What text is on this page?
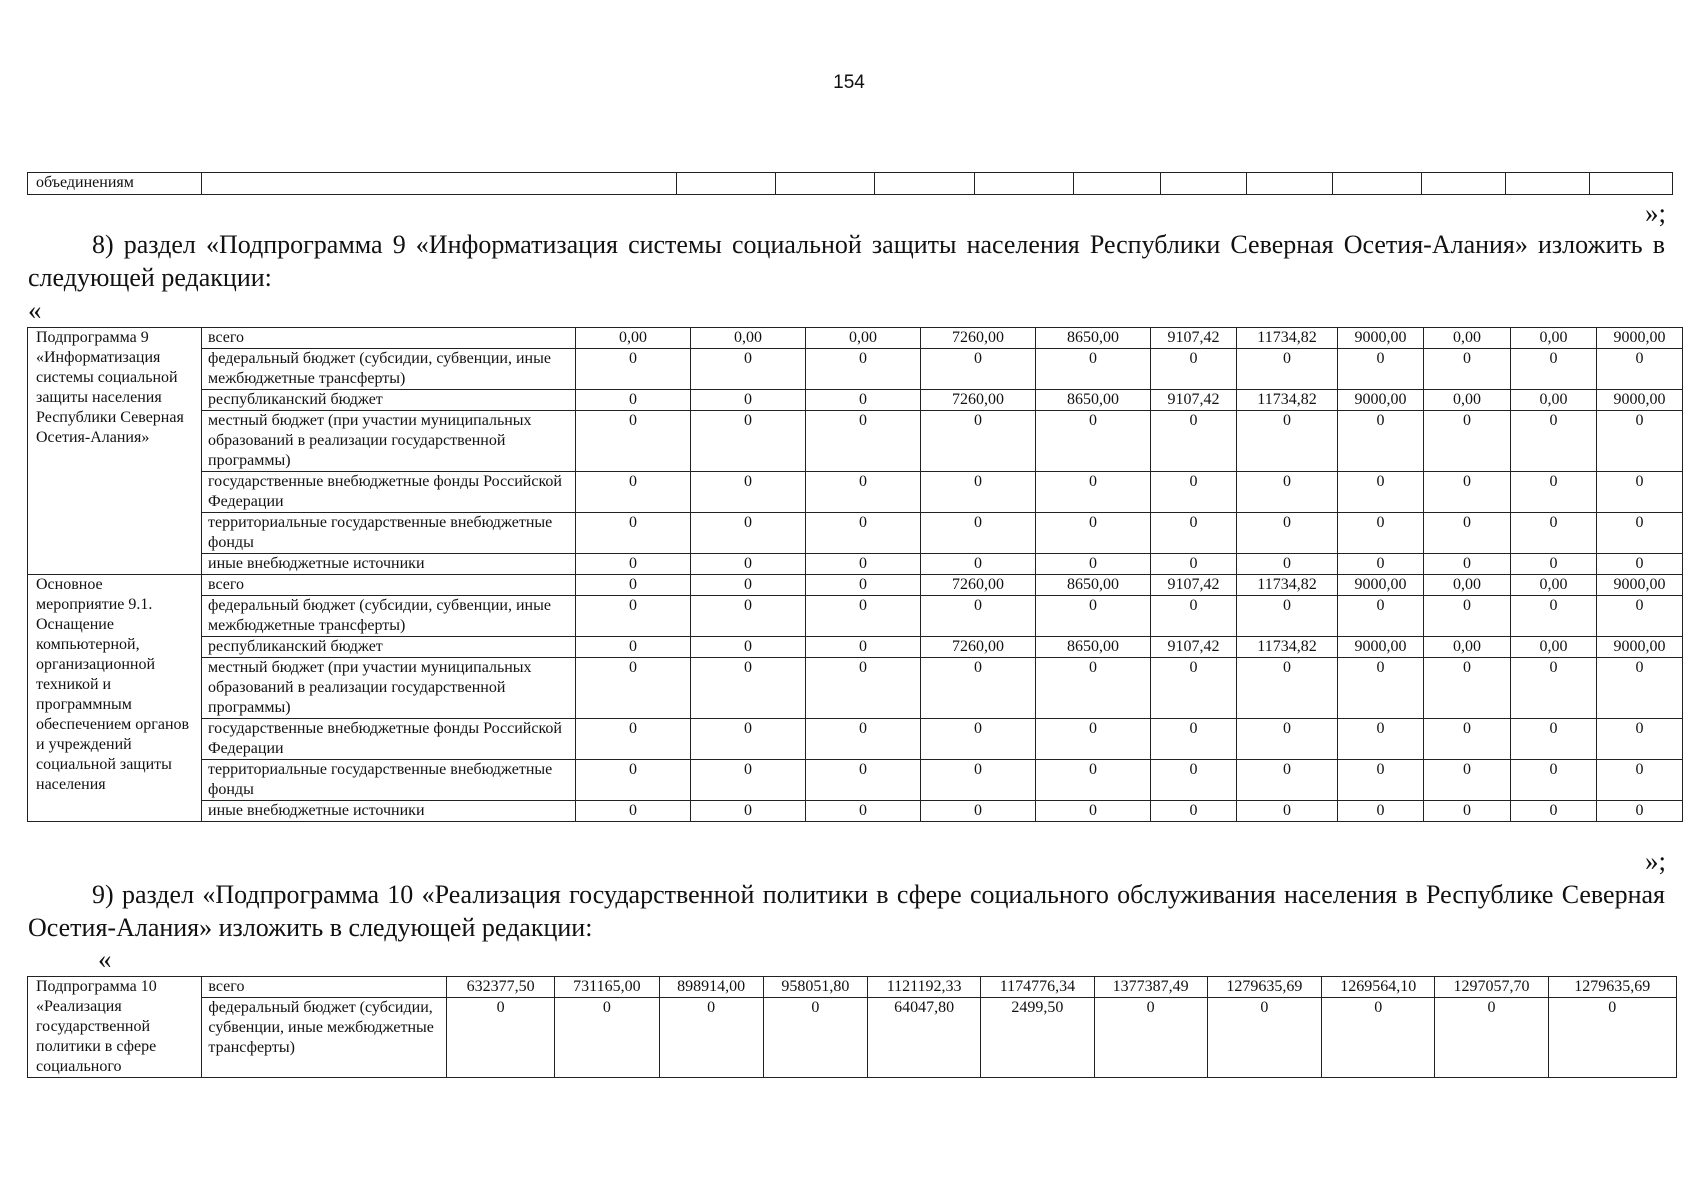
154
объединениям												
»;
8) раздел «Подпрограмма 9 «Информатизация системы социальной защиты населения Республики Северная Осетия-Алания» изложить в следующей редакции:
«
Подпрограмма 9 «Информатизация системы социальной защиты населения Республики Северная Осетия-Алания»	всего	0,00	0,00	0,00	7260,00	8650,00	9107,42	11734,82	9000,00	0,00	0,00	9000,00
	федеральный бюджет (субсидии, субвенции, иные межбюджетные трансферты)	0	0	0	0	0	0	0	0	0	0	0
	республиканский бюджет	0	0	0	7260,00	8650,00	9107,42	11734,82	9000,00	0,00	0,00	9000,00
	местный бюджет (при участии муниципальных образований в реализации государственной программы)	0	0	0	0	0	0	0	0	0	0	0
	государственные внебюджетные фонды Российской Федерации	0	0	0	0	0	0	0	0	0	0	0
	территориальные государственные внебюджетные фонды	0	0	0	0	0	0	0	0	0	0	0
	иные внебюджетные источники	0	0	0	0	0	0	0	0	0	0	0
Основное мероприятие 9.1. Оснащение компьютерной, организационной техникой и программным обеспечением органов и учреждений социальной защиты населения	всего	0	0	0	7260,00	8650,00	9107,42	11734,82	9000,00	0,00	0,00	9000,00
	федеральный бюджет (субсидии, субвенции, иные межбюджетные трансферты)	0	0	0	0	0	0	0	0	0	0	0
	республиканский бюджет	0	0	0	7260,00	8650,00	9107,42	11734,82	9000,00	0,00	0,00	9000,00
	местный бюджет (при участии муниципальных образований в реализации государственной программы)	0	0	0	0	0	0	0	0	0	0	0
	государственные внебюджетные фонды Российской Федерации	0	0	0	0	0	0	0	0	0	0	0
	территориальные государственные внебюджетные фонды	0	0	0	0	0	0	0	0	0	0	0
	иные внебюджетные источники	0	0	0	0	0	0	0	0	0	0	0
»;
9) раздел «Подпрограмма 10 «Реализация государственной политики в сфере социального обслуживания населения в Республике Северная Осетия-Алания» изложить в следующей редакции:
«
Подпрограмма 10 «Реализация государственной политики в сфере социального	всего	632377,50	731165,00	898914,00	958051,80	1121192,33	1174776,34	1377387,49	1279635,69	1269564,10	1297057,70	1279635,69
	федеральный бюджет (субсидии, субвенции, иные межбюджетные трансферты)	0	0	0	0	64047,80	2499,50	0	0	0	0	0
